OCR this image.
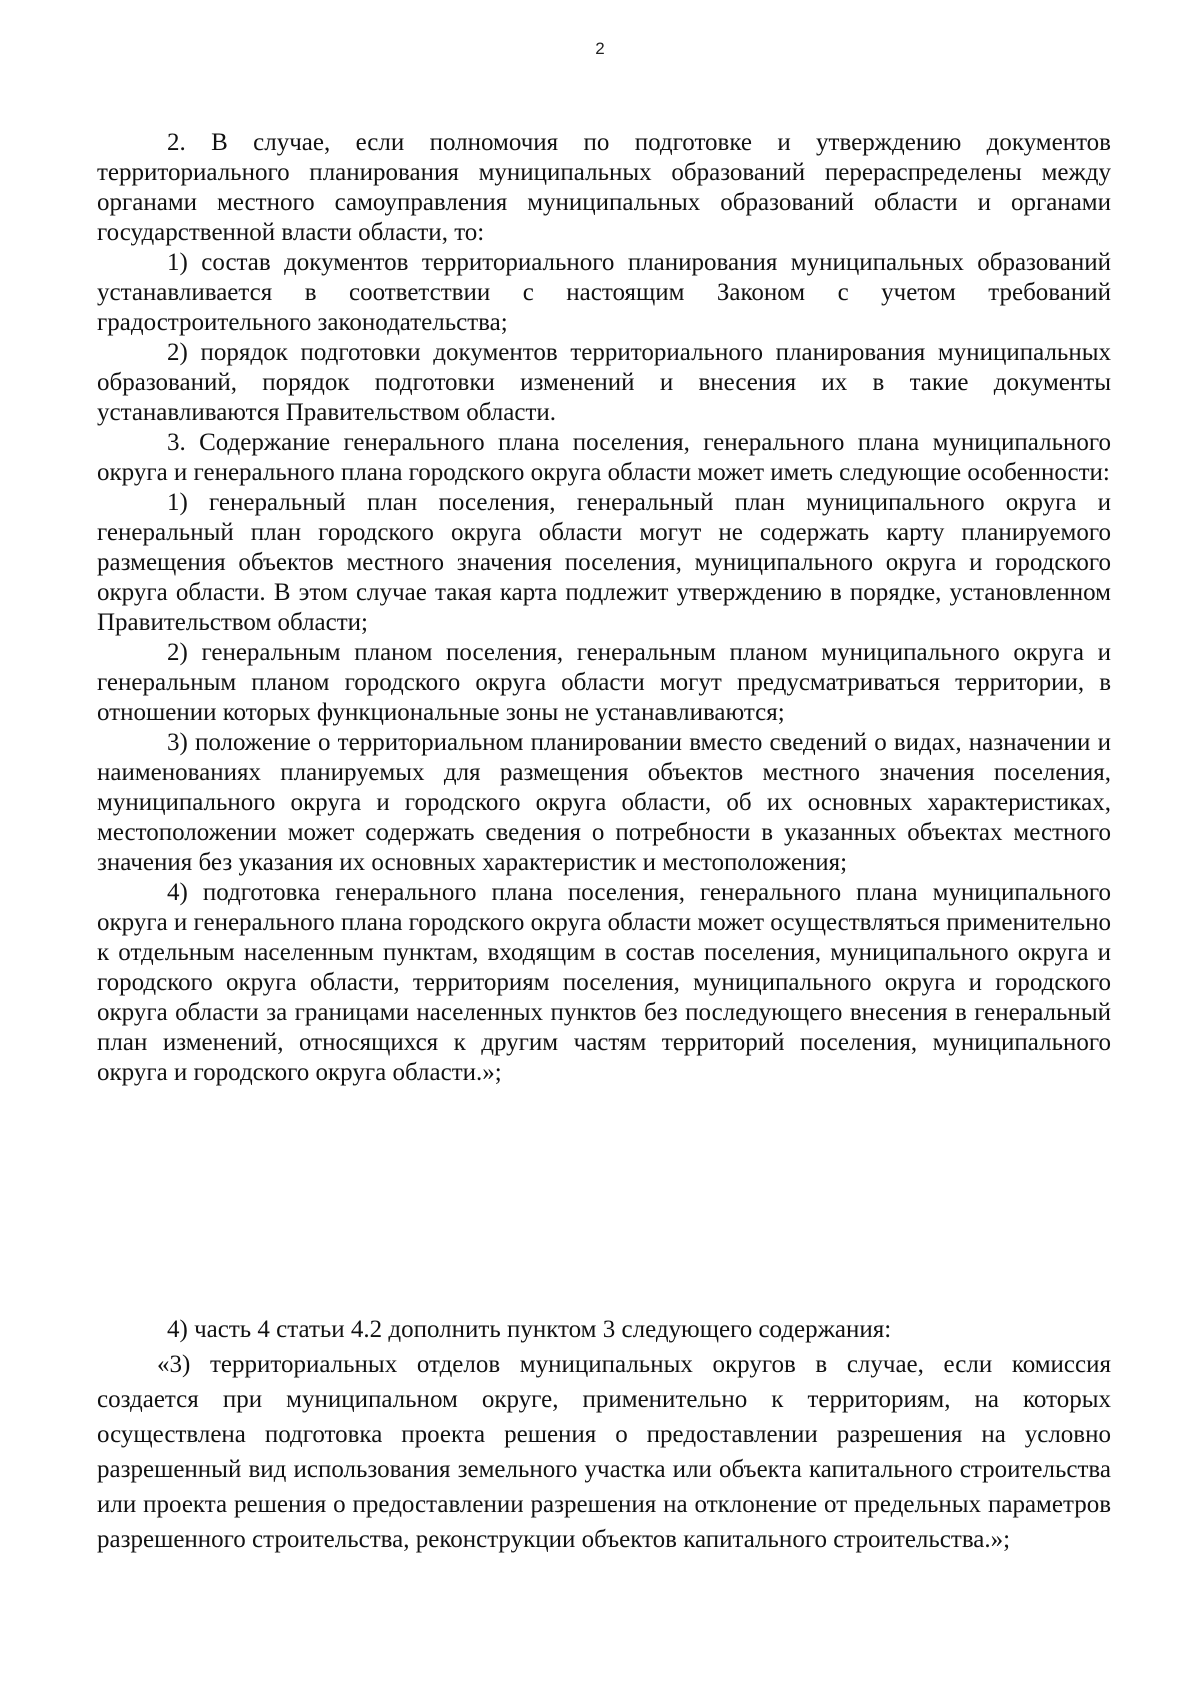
2

2. В случае, если полномочия по подготовке и утверждению документов территориального планирования муниципальных образований перераспределены между органами местного самоуправления муниципальных образований области и органами государственной власти области, то:

1) состав документов территориального планирования муниципальных образований устанавливается в соответствии с настоящим Законом с учетом требований градостроительного законодательства;

2) порядок подготовки документов территориального планирования муниципальных образований, порядок подготовки изменений и внесения их в такие документы устанавливаются Правительством области.

3. Содержание генерального плана поселения, генерального плана муниципального округа и генерального плана городского округа области может иметь следующие особенности:

1) генеральный план поселения, генеральный план муниципального округа и генеральный план городского округа области могут не содержать карту планируемого размещения объектов местного значения поселения, муниципального округа и городского округа области. В этом случае такая карта подлежит утверждению в порядке, установленном Правительством области;

2) генеральным планом поселения, генеральным планом муниципального округа и генеральным планом городского округа области могут предусматриваться территории, в отношении которых функциональные зоны не устанавливаются;

3) положение о территориальном планировании вместо сведений о видах, назначении и наименованиях планируемых для размещения объектов местного значения поселения, муниципального округа и городского округа области, об их основных характеристиках, местоположении может содержать сведения о потребности в указанных объектах местного значения без указания их основных характеристик и местоположения;

4) подготовка генерального плана поселения, генерального плана муниципального округа и генерального плана городского округа области может осуществляться применительно к отдельным населенным пунктам, входящим в состав поселения, муниципального округа и городского округа области, территориям поселения, муниципального округа и городского округа области за границами населенных пунктов без последующего внесения в генеральный план изменений, относящихся к другим частям территорий поселения, муниципального округа и городского округа области.»;

4) часть 4 статьи 4.2 дополнить пунктом 3 следующего содержания:

«3) территориальных отделов муниципальных округов в случае, если комиссия создается при муниципальном округе, применительно к территориям, на которых осуществлена подготовка проекта решения о предоставлении разрешения на условно разрешенный вид использования земельного участка или объекта капитального строительства или проекта решения о предоставлении разрешения на отклонение от предельных параметров разрешенного строительства, реконструкции объектов капитального строительства.»;
